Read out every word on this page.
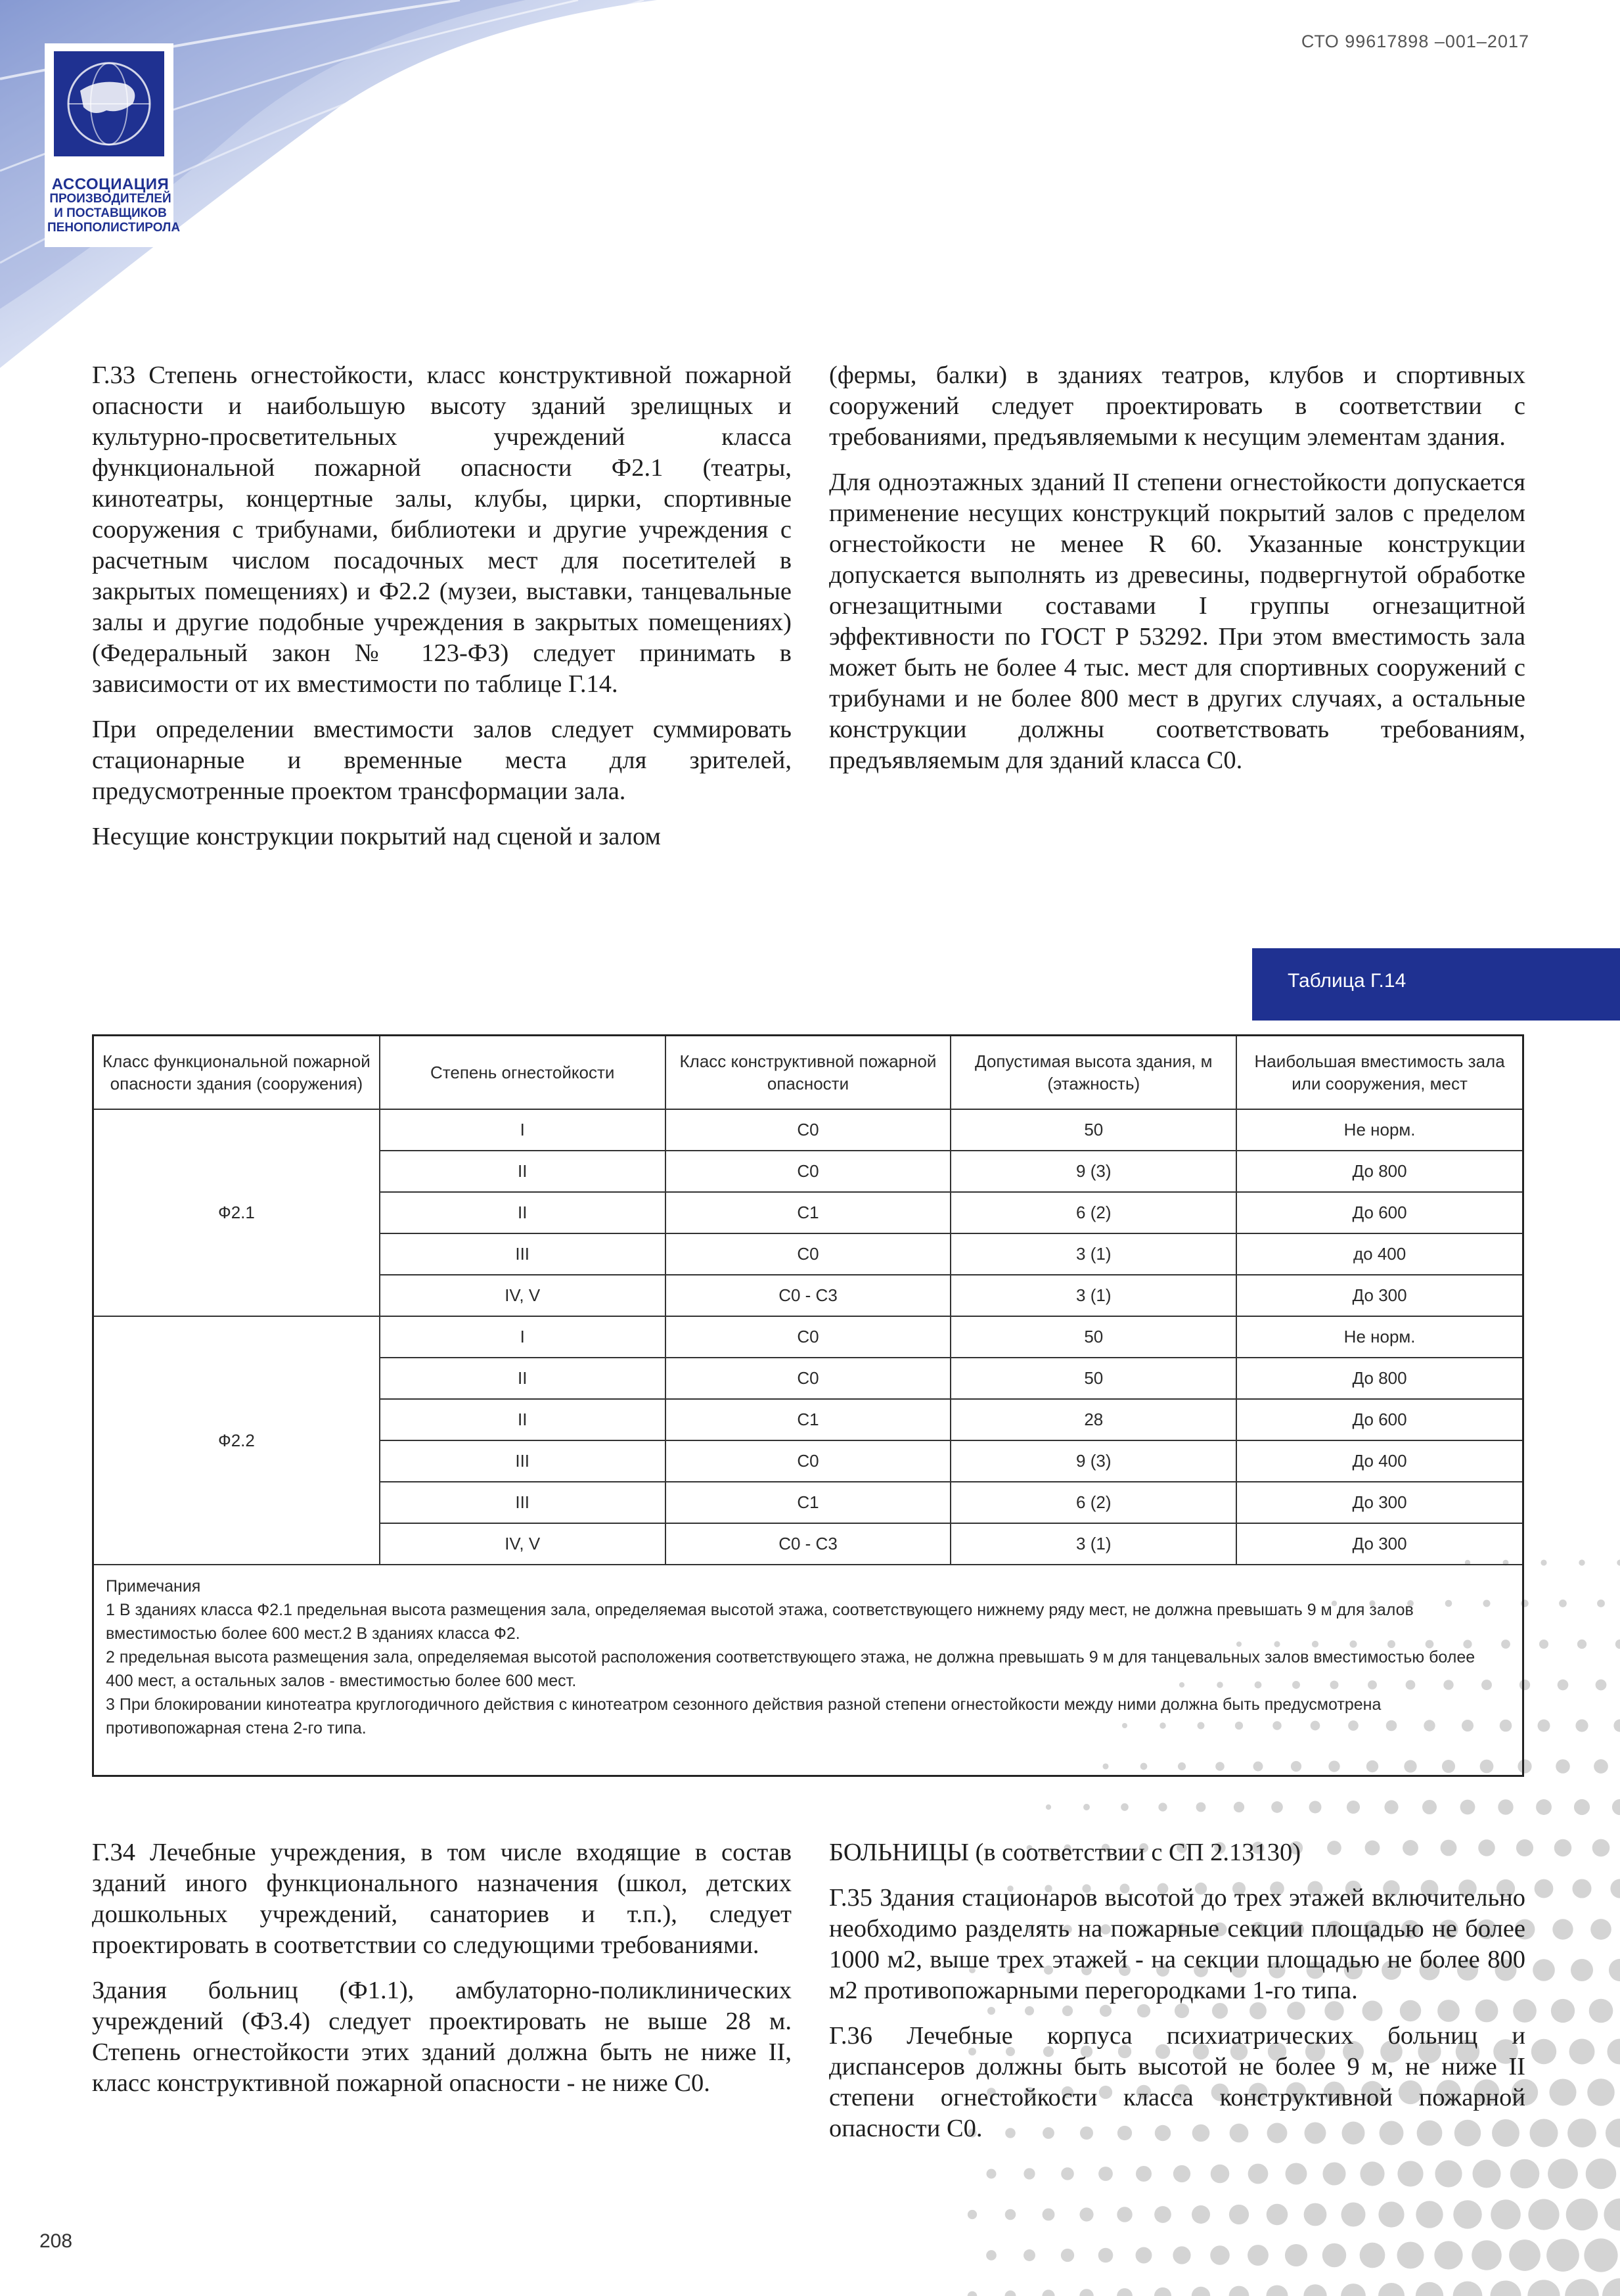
АССОЦИАЦИЯ
ПРОИЗВОДИТЕЛЕЙ
И ПОСТАВЩИКОВ
ПЕНОПОЛИСТИРОЛА
СТО 99617898 –001–2017

Г.33 Степень огнестойкости, класс конструктивной пожарной опасности и наибольшую высоту зданий зрелищных и культурно-просветительных учреждений класса функциональной пожарной опасности Ф2.1 (театры, кинотеатры, концертные залы, клубы, цирки, спортивные сооружения с трибунами, библиотеки и другие учреждения с расчетным числом посадочных мест для посетителей в закрытых помещениях) и Ф2.2 (музеи, выставки, танцевальные залы и другие подобные учреждения в закрытых помещениях) (Федеральный закон № 123-ФЗ) следует принимать в зависимости от их вместимости по таблице Г.14.

При определении вместимости залов следует суммировать стационарные и временные места для зрителей, предусмотренные проектом трансформации зала.

Несущие конструкции покрытий над сценой и залом

(фермы, балки) в зданиях театров, клубов и спортивных сооружений следует проектировать в соответствии с требованиями, предъявляемыми к несущим элементам здания.

Для одноэтажных зданий II степени огнестойкости допускается применение несущих конструкций покрытий залов с пределом огнестойкости не менее R 60. Указанные конструкции допускается выполнять из древесины, подвергнутой обработке огнезащитными составами I группы огнезащитной эффективности по ГОСТ Р 53292. При этом вместимость зала может быть не более 4 тыс. мест для спортивных сооружений с трибунами и не более 800 мест в других случаях, а остальные конструкции должны соответствовать требованиям, предъявляемым для зданий класса С0.

Таблица Г.14
Класс функциональной пожарной опасности здания (сооружения)	Степень огнестойкости	Класс конструктивной пожарной опасности	Допустимая высота здания, м (этажность)	Наибольшая вместимость зала или сооружения, мест
Ф2.1	I	С0	50	Не норм.
	II	С0	9 (3)	До 800
	II	С1	6 (2)	До 600
	III	С0	3 (1)	до 400
	IV, V	С0 - С3	3 (1)	До 300
Ф2.2	I	С0	50	Не норм.
	II	С0	50	До 800
	II	С1	28	До 600
	III	С0	9 (3)	До 400
	III	С1	6 (2)	До 300
	IV, V	С0 - С3	3 (1)	До 300
Примечания
1 В зданиях класса Ф2.1 предельная высота размещения зала, определяемая высотой этажа, соответствующего нижнему ряду мест, не должна превышать 9 м для залов вместимостью более 600 мест.2 В зданиях класса Ф2.
2 предельная высота размещения зала, определяемая высотой расположения соответствующего этажа, не должна превышать 9 м для танцевальных залов вместимостью более 400 мест, а остальных залов - вместимостью более 600 мест.
3 При блокировании кинотеатра круглогодичного действия с кинотеатром сезонного действия разной степени огнестойкости между ними должна быть предусмотрена противопожарная стена 2-го типа.

Г.34 Лечебные учреждения, в том числе входящие в состав зданий иного функционального назначения (школ, детских дошкольных учреждений, санаториев и т.п.), следует проектировать в соответствии со следующими требованиями.

Здания больниц (Ф1.1), амбулаторно-поликлинических учреждений (Ф3.4) следует проектировать не выше 28 м. Степень огнестойкости этих зданий должна быть не ниже II, класс конструктивной пожарной опасности - не ниже С0.

БОЛЬНИЦЫ (в соответствии с СП 2.13130)

Г.35 Здания стационаров высотой до трех этажей включительно необходимо разделять на пожарные секции площадью не более 1000 м2, выше трех этажей - на секции площадью не более 800 м2 противопожарными перегородками 1-го типа.

Г.36 Лечебные корпуса психиатрических больниц и диспансеров должны быть высотой не более 9 м, не ниже II степени огнестойкости класса конструктивной пожарной опасности С0.

208
